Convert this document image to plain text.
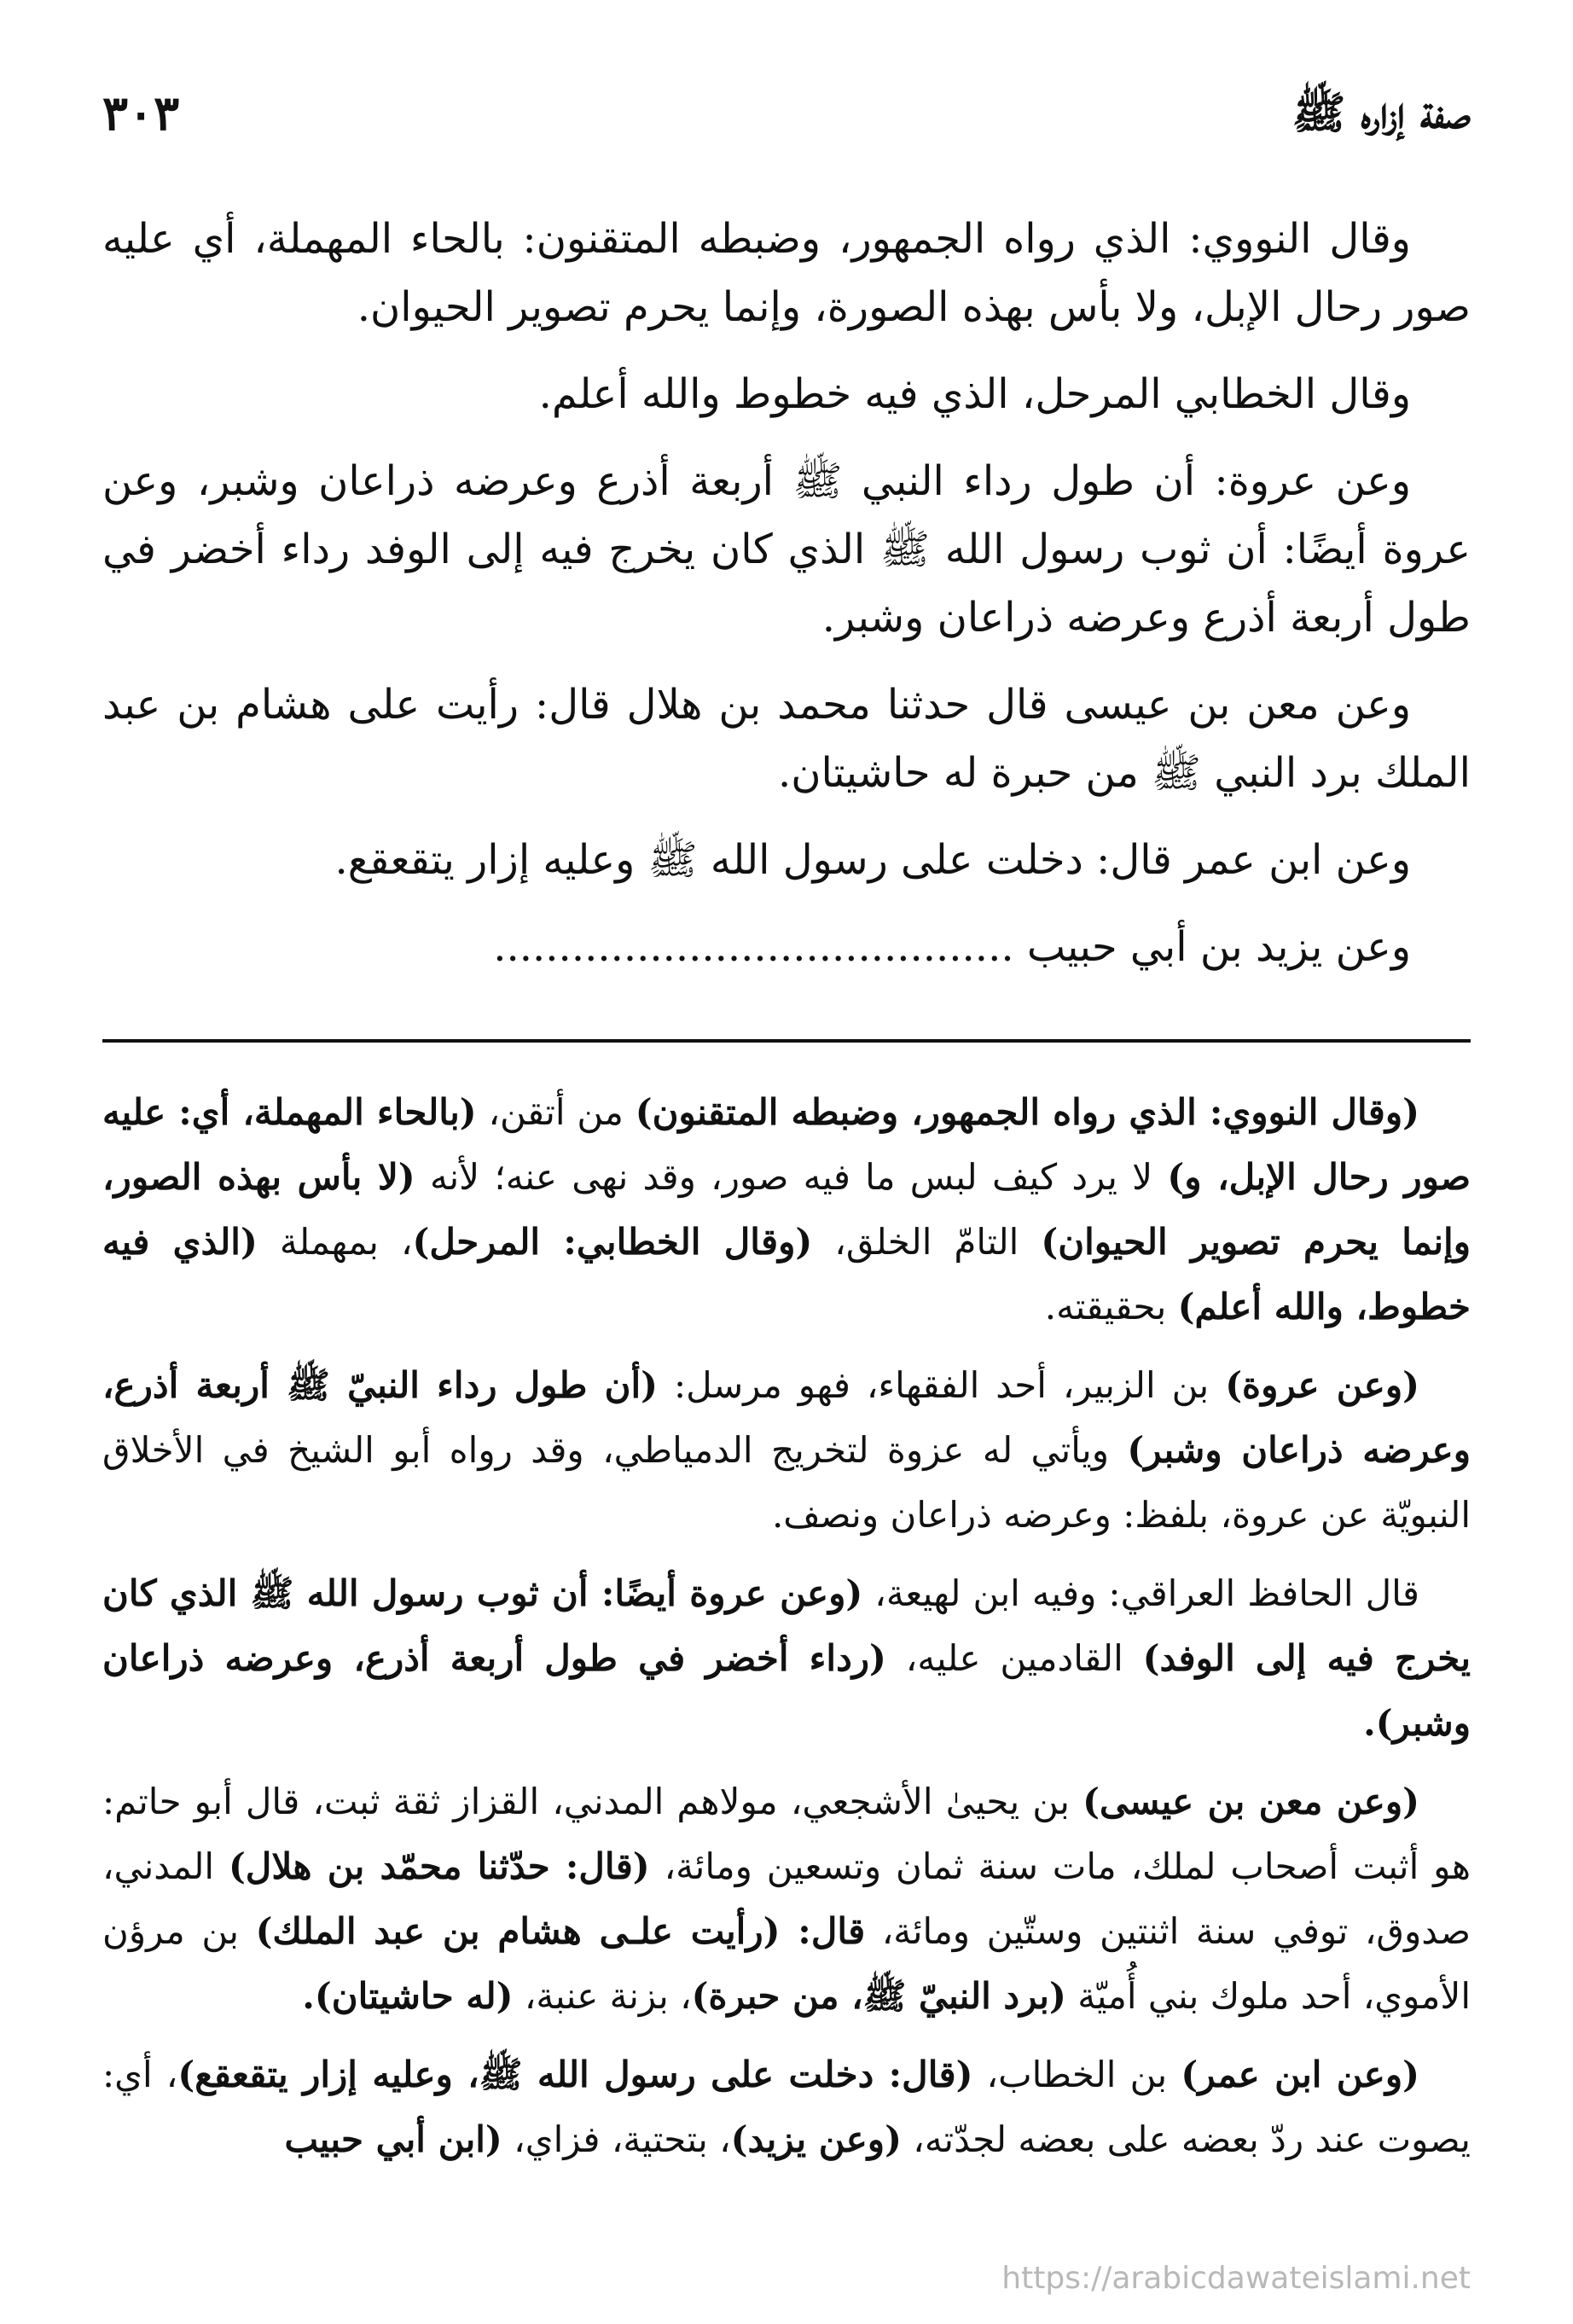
صفة إزاره ﷺ
٣٠٣

وقال النووي: الذي رواه الجمهور، وضبطه المتقنون: بالحاء المهملة، أي عليه صور رحال الإبل، ولا بأس بهذه الصورة، وإنما يحرم تصوير الحيوان.

وقال الخطابي المرحل، الذي فيه خطوط والله أعلم.

وعن عروة: أن طول رداء النبي ﷺ أربعة أذرع وعرضه ذراعان وشبر، وعن عروة أيضًا: أن ثوب رسول الله ﷺ الذي كان يخرج فيه إلى الوفد رداء أخضر في طول أربعة أذرع وعرضه ذراعان وشبر.

وعن معن بن عيسى قال حدثنا محمد بن هلال قال: رأيت على هشام بن عبد الملك برد النبي ﷺ من حبرة له حاشيتان.

وعن ابن عمر قال: دخلت على رسول الله ﷺ وعليه إزار يتقعقع.

وعن يزيد بن أبي حبيب ........................................

(وقال النووي: الذي رواه الجمهور، وضبطه المتقنون) من أتقن، (بالحاء المهملة، أي: عليه صور رحال الإبل، و) لا يرد كيف لبس ما فيه صور، وقد نهى عنه؛ لأنه (لا بأس بهذه الصور، وإنما يحرم تصوير الحيوان) التامّ الخلق، (وقال الخطابي: المرحل)، بمهملة (الذي فيه خطوط، والله أعلم) بحقيقته.

(وعن عروة) بن الزبير، أحد الفقهاء، فهو مرسل: (أن طول رداء النبيّ ﷺ أربعة أذرع، وعرضه ذراعان وشبر) ويأتي له عزوة لتخريج الدمياطي، وقد رواه أبو الشيخ في الأخلاق النبويّة عن عروة، بلفظ: وعرضه ذراعان ونصف.

قال الحافظ العراقي: وفيه ابن لهيعة، (وعن عروة أيضًا: أن ثوب رسول الله ﷺ الذي كان يخرج فيه إلى الوفد) القادمين عليه، (رداء أخضر في طول أربعة أذرع، وعرضه ذراعان وشبر).

(وعن معن بن عيسى) بن يحيىٰ الأشجعي، مولاهم المدني، القزاز ثقة ثبت، قال أبو حاتم: هو أثبت أصحاب لملك، مات سنة ثمان وتسعين ومائة، (قال: حدّثنا محمّد بن هلال) المدني، صدوق، توفي سنة اثنتين وستّين ومائة، قال: (رأيت علـى هشام بن عبد الملك) بن مرؤن الأموي، أحد ملوك بني أُميّة (برد النبيّ ﷺ، من حبرة)، بزنة عنبة، (له حاشيتان).

(وعن ابن عمر) بن الخطاب، (قال: دخلت على رسول الله ﷺ، وعليه إزار يتقعقع)، أي: يصوت عند ردّ بعضه على بعضه لجدّته، (وعن يزيد)، بتحتية، فزاي، (ابن أبي حبيب

https://arabicdawateislami.net
